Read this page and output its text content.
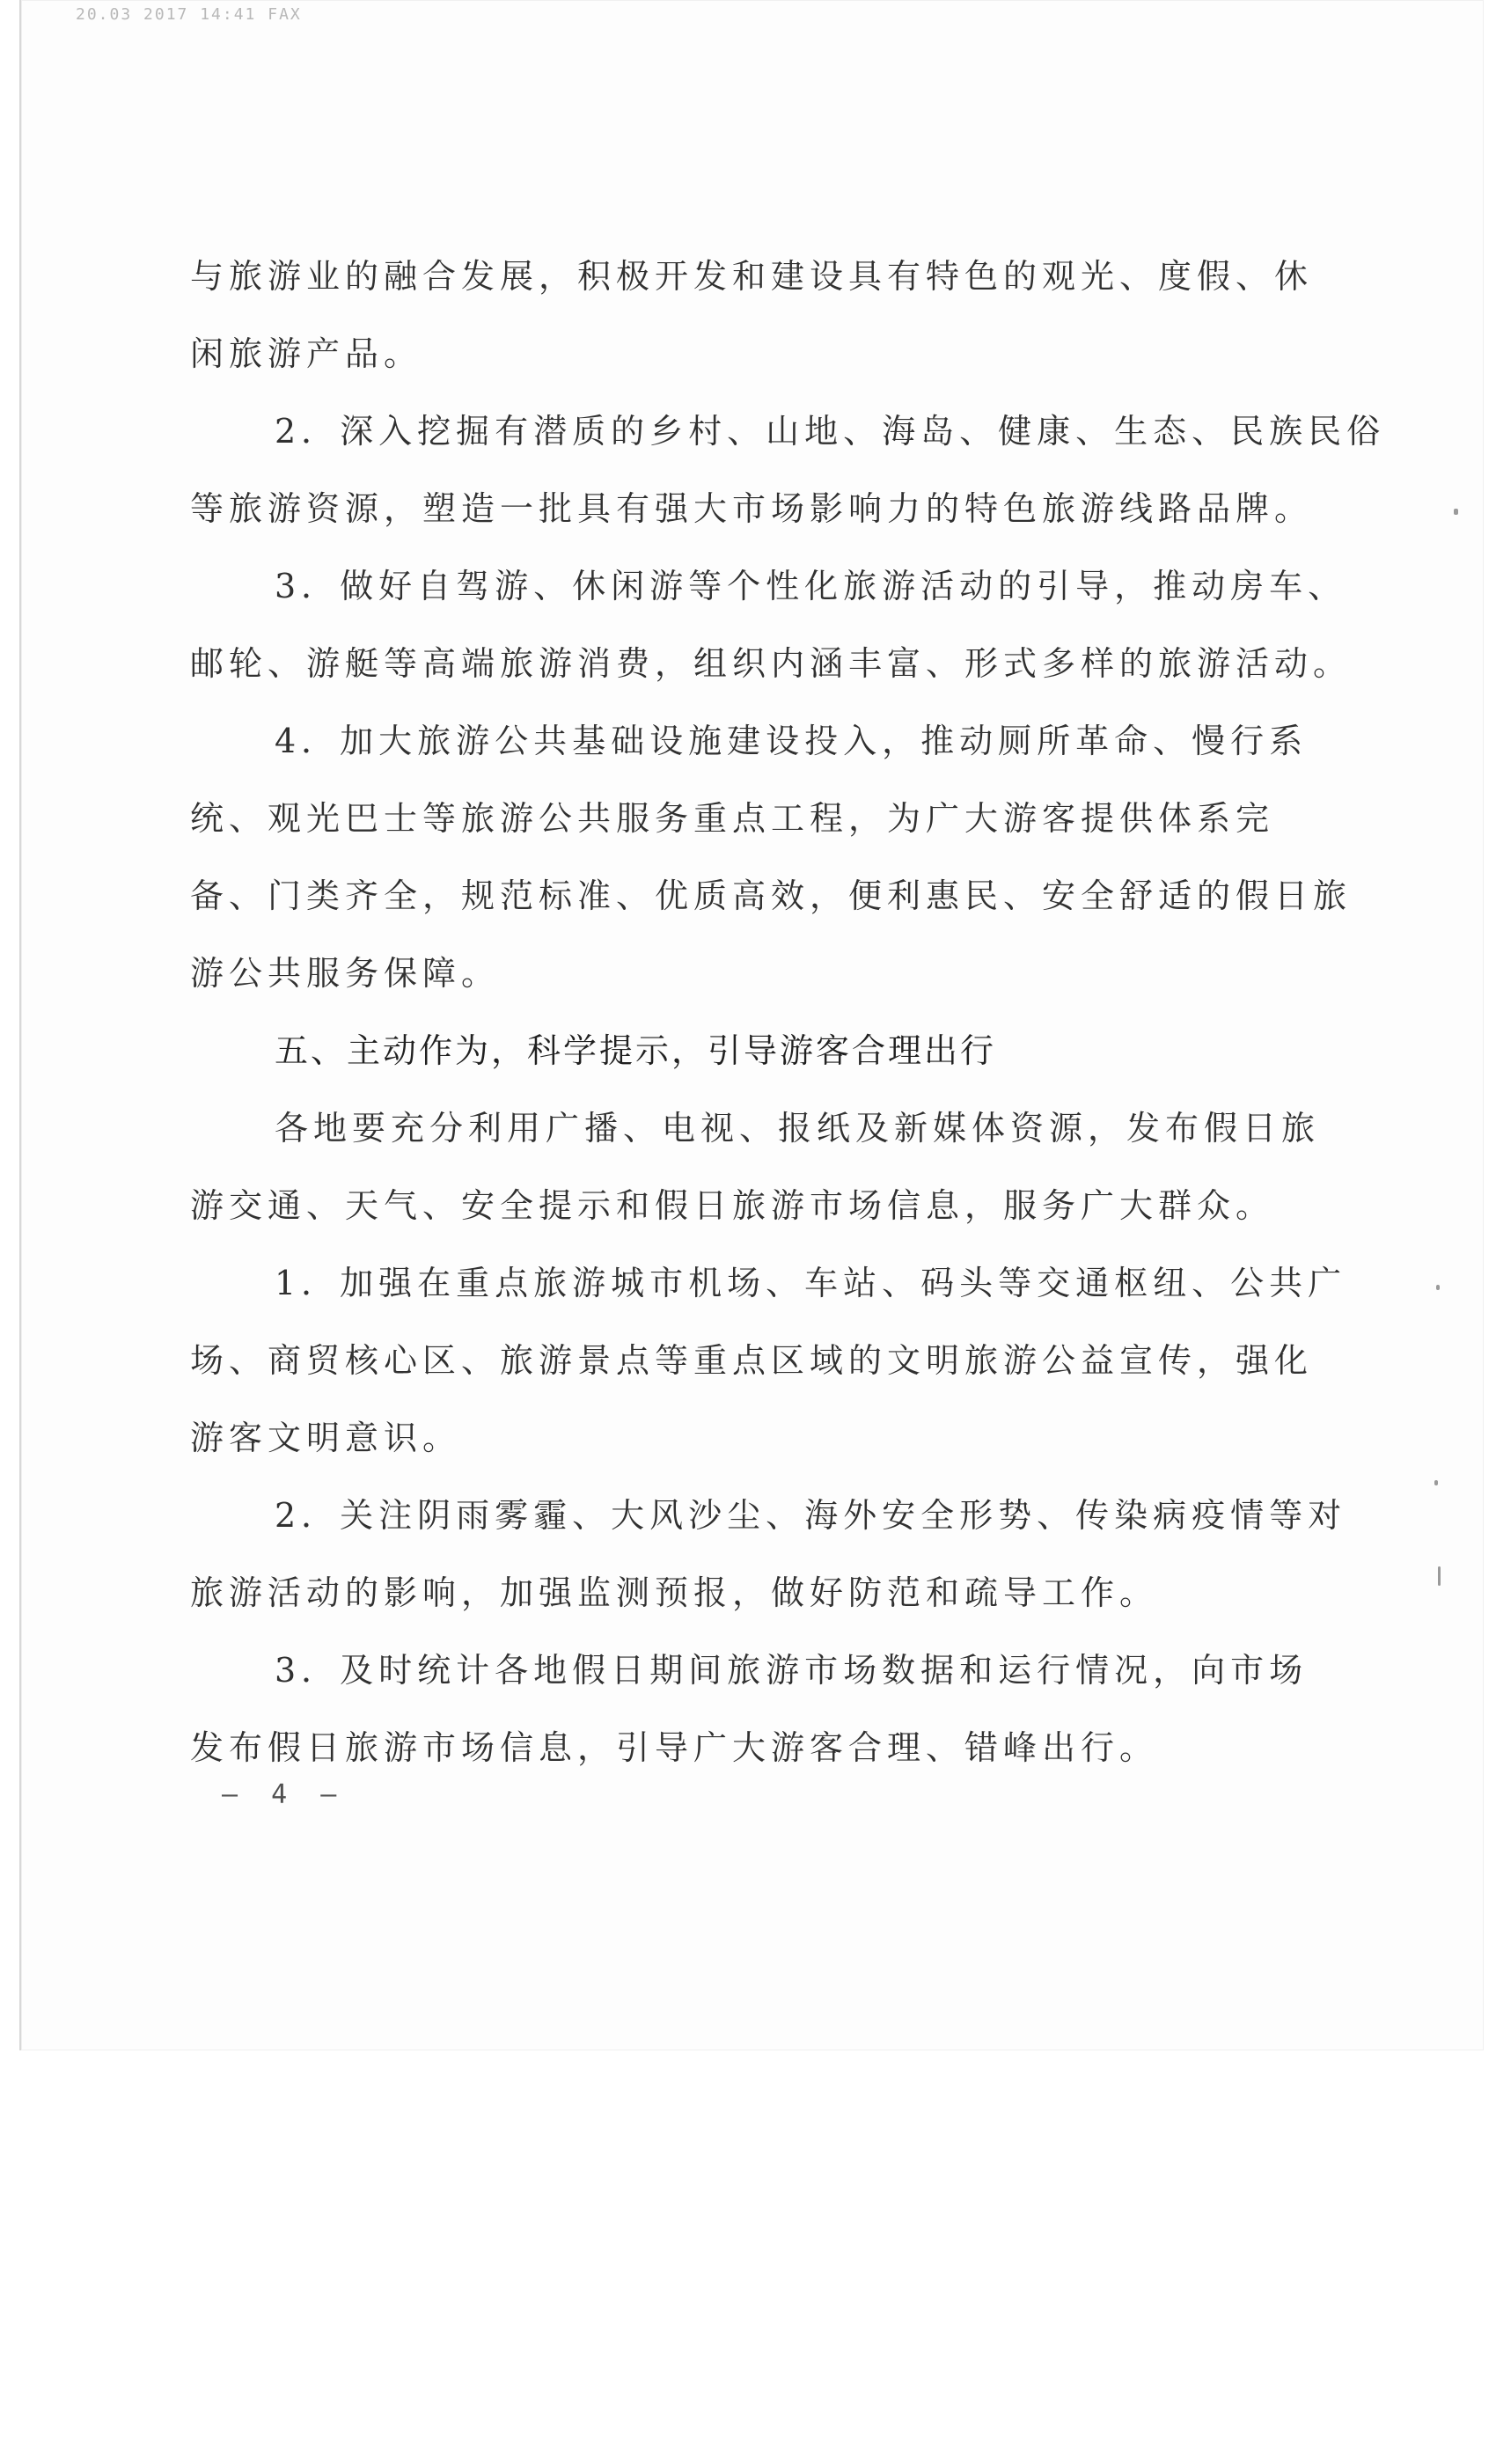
20.03 2017 14:41 FAX
与旅游业的融合发展，积极开发和建设具有特色的观光、度假、休
闲旅游产品。
2．深入挖掘有潜质的乡村、山地、海岛、健康、生态、民族民俗
等旅游资源，塑造一批具有强大市场影响力的特色旅游线路品牌。
3．做好自驾游、休闲游等个性化旅游活动的引导，推动房车、
邮轮、游艇等高端旅游消费，组织内涵丰富、形式多样的旅游活动。
4．加大旅游公共基础设施建设投入，推动厕所革命、慢行系
统、观光巴士等旅游公共服务重点工程，为广大游客提供体系完
备、门类齐全，规范标准、优质高效，便利惠民、安全舒适的假日旅
游公共服务保障。
五、主动作为，科学提示，引导游客合理出行
各地要充分利用广播、电视、报纸及新媒体资源，发布假日旅
游交通、天气、安全提示和假日旅游市场信息，服务广大群众。
1．加强在重点旅游城市机场、车站、码头等交通枢纽、公共广
场、商贸核心区、旅游景点等重点区域的文明旅游公益宣传，强化
游客文明意识。
2．关注阴雨雾霾、大风沙尘、海外安全形势、传染病疫情等对
旅游活动的影响，加强监测预报，做好防范和疏导工作。
3．及时统计各地假日期间旅游市场数据和运行情况，向市场
发布假日旅游市场信息，引导广大游客合理、错峰出行。
— 4 —
